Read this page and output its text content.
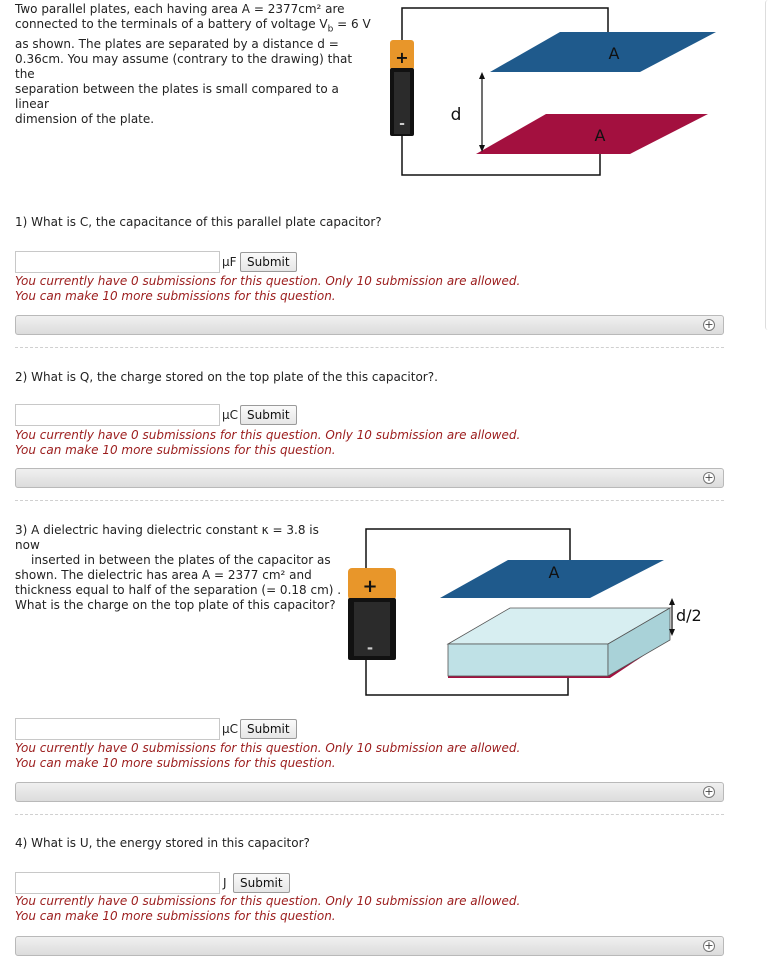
Two parallel plates, each having area A = 2377cm² are
connected to the terminals of a battery of voltage $V_b = 6$ V
as shown. The plates are separated by a distance d =
0.36cm. You may assume (contrary to the drawing) that the
separation between the plates is small compared to a linear
dimension of the plate.
+
-
A
A
d
1) What is C, the capacitance of this parallel plate capacitor?
μF Submit
You currently have 0 submissions for this question. Only 10 submission are allowed.
You can make 10 more submissions for this question.
+
2) What is Q, the charge stored on the top plate of the this capacitor?.
μC Submit
You currently have 0 submissions for this question. Only 10 submission are allowed.
You can make 10 more submissions for this question.
+
3) A dielectric having dielectric constant κ = 3.8 is now
inserted in between the plates of the capacitor as
shown. The dielectric has area A = 2377 cm² and
thickness equal to half of the separation (= 0.18 cm) .
What is the charge on the top plate of this capacitor?
+
-
A
d/2
μC Submit
You currently have 0 submissions for this question. Only 10 submission are allowed.
You can make 10 more submissions for this question.
+
4) What is U, the energy stored in this capacitor?
J	Submit
You currently have 0 submissions for this question. Only 10 submission are allowed.
You can make 10 more submissions for this question.
+
